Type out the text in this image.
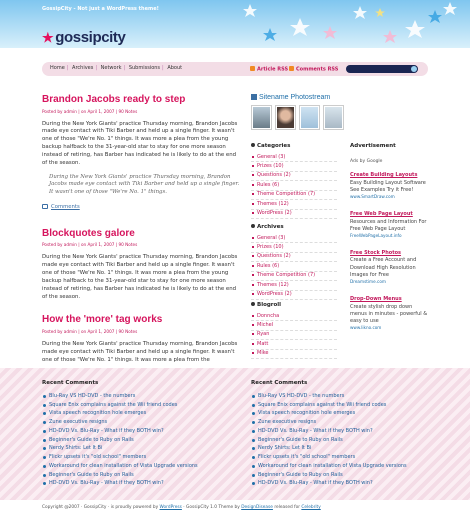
GossipCity - Not just a WordPress theme!
★ gossipcity
Home | Archives | Network | Submissions | About	Article RSS	Comments RSS
Brandon Jacobs ready to step
Posted by admin | on April 1, 2007 | 90 Notes

During the New York Giants' practice Thursday morning, Brandon Jacobs made eye contact with Tiki Barber and held up a single finger. It wasn't one of those "We're No. 1" things. It was more a plea from the young backup halfback to the 31-year-old star to stay for one more season instead of retiring, has Barber has indicated he is likely to do at the end of the season.

During the New York Giants' practice Thursday morning, Brandon Jacobs made eye contact with Tiki Barber and held up a single finger. It wasn't one of those "We're No. 1" things.
Comments
Blockquotes galore
Posted by admin | on April 1, 2007 | 90 Notes

During the New York Giants' practice Thursday morning, Brandon Jacobs made eye contact with Tiki Barber and held up a single finger. It wasn't one of those "We're No. 1" things. It was more a plea from the young backup halfback to the 31-year-old star to stay for one more season instead of retiring, has Barber has indicated he is likely to do at the end of the season.

How the 'more' tag works
Posted by admin | on April 1, 2007 | 90 Notes

During the New York Giants' practice Thursday morning, Brandon Jacobs made eye contact with Tiki Barber and held up a single finger. It wasn't one of those "We're No. 1" things. It was more a plea from the

Sitename Photostream
Categories
General (3)
Prizes (10)
Questions (2)
Rules (6)
Theme Competition (7)
Themes (12)
WordPress (2)
Archives
General (3)
Prizes (10)
Questions (2)
Rules (6)
Theme Competition (7)
Themes (12)
WordPress (2)
Blogroll
Donncha
Michel
Ryan
Matt
Mike
Advertisement
Ads by Google
Create Building Layouts
Easy Building Layout Software See Examples Try it Free!
www.SmartDraw.com
Free Web Page Layout
Resources and Information For Free Web Page Layout
FreeWebPageLayout.info
Free Stock Photos
Create a Free Account and Download High Resolution Images for Free
Dreamstime.com
Drop-Down Menus
Create stylish drop down menus in minutes - powerful & easy to use
www.likno.com
Recent Comments
Blu-Ray VS HD-DVD - the numbers
Square Enix complains against the Wii friend codes
Vista speech recognition hole emerges
Zune executive resigns
HD-DVD Vs. Blu-Ray - What if they BOTH win?
Beginner's Guide to Ruby on Rails
Nerdy Shirts: Let It Bi
Flickr upsets it's "old school" members
Workaround for clean installation of Vista Upgrade versions
Beginner's Guide to Ruby on Rails
HD-DVD Vs. Blu-Ray - What if they BOTH win?
Recent Comments
Blu-Ray VS HD-DVD - the numbers
Square Enix complains against the Wii friend codes
Vista speech recognition hole emerges
Zune executive resigns
HD-DVD Vs. Blu-Ray - What if they BOTH win?
Beginner's Guide to Ruby on Rails
Nerdy Shirts: Let It Bi
Flickr upsets it's "old school" members
Workaround for clean installation of Vista Upgrade versions
Beginner's Guide to Ruby on Rails
HD-DVD Vs. Blu-Ray - What if they BOTH win?
Copyright @2007 · GossipCity · is proudly powered by WordPress · GossipCity 1.0 Theme by DesignDisease released for Celebrity
